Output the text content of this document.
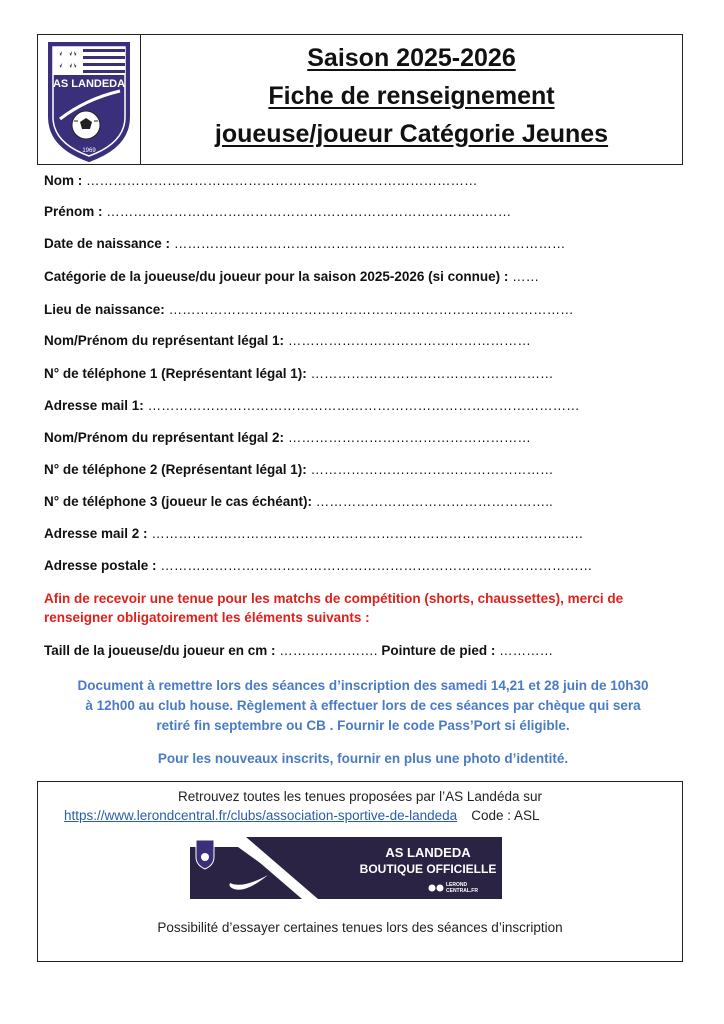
AS LANDEDA
1969
Saison 2025-2026
Fiche de renseignement
joueuse/joueur Catégorie Jeunes
Nom : ……………………………………………………………………………
Prénom : ………………………………………………………………………………
Date de naissance : ……………………………………………………………………………
Catégorie de la joueuse/du joueur pour la saison 2025-2026 (si connue) : ……
Lieu de naissance: ………………………………………………………………………………
Nom/Prénom du représentant légal 1: ………………………………………………
N° de téléphone 1 (Représentant légal 1): ………………………………………………
Adresse mail 1: ……………………………………………………………………………………
Nom/Prénom du représentant légal 2: ………………………………………………
N° de téléphone 2 (Représentant légal 1): ………………………………………………
N° de téléphone 3 (joueur le cas échéant): ……………………………………………..
Adresse mail 2 : ……………………………………………………………………………………
Adresse postale : ……………………………………………………………………………………
Afin de recevoir une tenue pour les matchs de compétition (shorts, chaussettes), merci de renseigner obligatoirement les éléments suivants :
Taill de la joueuse/du joueur en cm : …………………. Pointure de pied : …………
Document à remettre lors des séances d’inscription des samedi 14,21 et 28 juin de 10h30
à 12h00 au club house. Règlement à effectuer lors de ces séances par chèque qui sera
retiré fin septembre ou CB . Fournir le code Pass’Port si éligible.
Pour les nouveaux inscrits, fournir en plus une photo d’identité.
Retrouvez toutes les tenues proposées par l’AS Landéda sur
https://www.lerondcentral.fr/clubs/association-sportive-de-landeda Code : ASL
AS LANDEDA
BOUTIQUE OFFICIELLE
LEROND
CENTRAL.FR
Possibilité d’essayer certaines tenues lors des séances d’inscription
